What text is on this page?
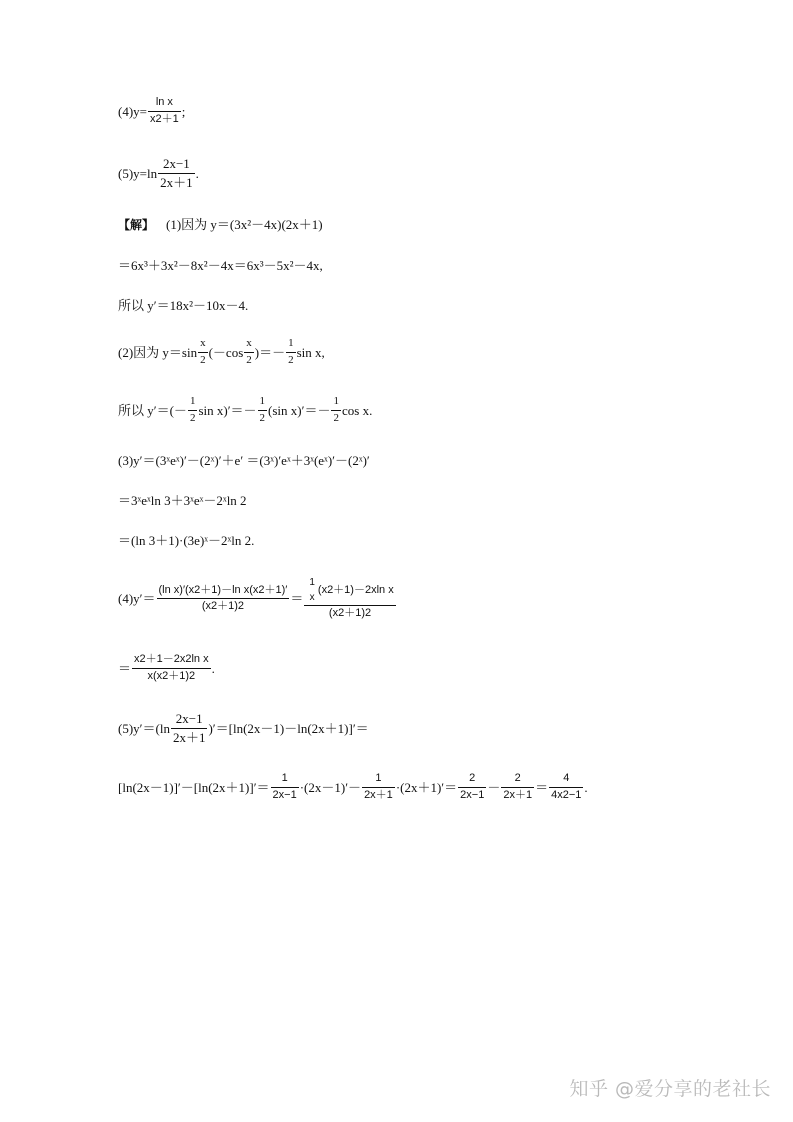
$(4)y= \frac{\text{ln x}}{x2+1}$ ;
$(5)y=\ln \frac{2x-1}{2x+1}$ .
【解】 (1)因为 y＝(3x²－4x)(2x＋1)
＝6x³＋3x²－8x²－4x＝6x³－5x²－4x,
所以 y′＝18x²－10x－4.
(2)因为 $y=\sin \frac{x}{2} (-\cos \frac{x}{2}$ )＝－ $\frac{1}{2}$ sin x,
所以 $y'=(- \frac{1}{2}$ $\sin x)'=- \frac{1}{2} (\sin$ $x)'=- \frac{1}{2}$ cos x.
(3)y′＝(3ˣeˣ)′－(2ˣ)′＋e′ ＝(3ˣ)′eˣ＋3ˣ(eˣ)′－(2ˣ)′
＝3ˣeˣln 3＋3ˣeˣ－2ˣln 2
＝(ln 3＋1)·(3e)ˣ－2ˣln 2.
$(4)y'= \frac{\text{(ln x)′(x2＋1)－ln x(x2＋1)′}}{(x2+1)2} = 1$
x
(x2＋1)－2xln x
(x2＋1)2
＝ $\frac{\text{x2＋1－2x2ln x}}{x(x2+1)2}$ .
$(5)y'=(\ln \frac{2x-1}{2x+1} )'=[\ln(2x-1)-\ln(2x+1)]'=$
$[\ln(2x-1)]'-[\ln(2x+1)]'= \frac{1}{2x-1} \cdot(2x-1)'- \frac{1}{2x+1} \cdot(2x+1)'= \frac{2}{2x-1} - \frac{2}{2x+1} = \frac{4}{4x2-1}$ .
知乎 @爱分享的老社长
